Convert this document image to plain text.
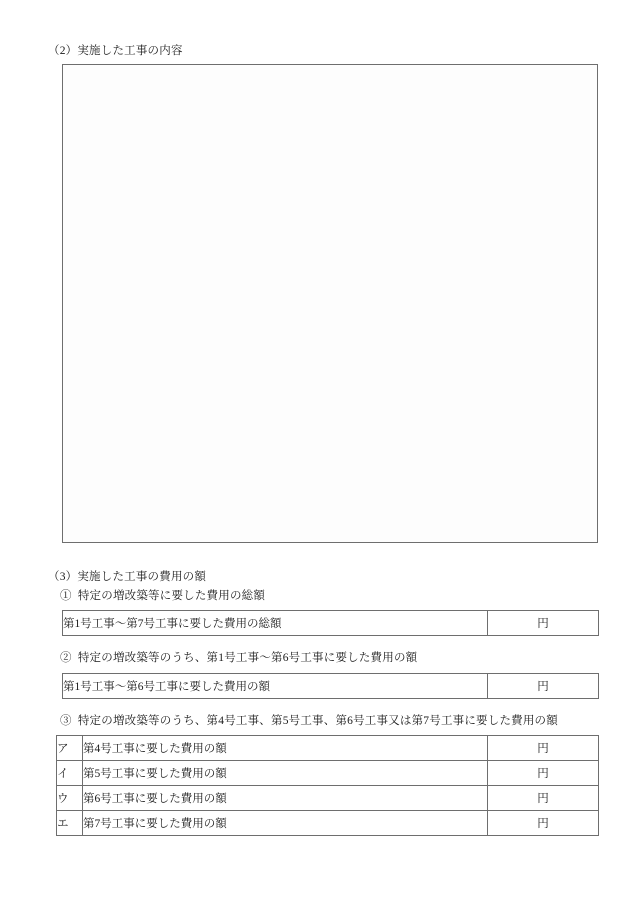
（2）実施した工事の内容
（3）実施した工事の費用の額
① 特定の増改築等に要した費用の総額
第1号工事〜第7号工事に要した費用の総額	円
② 特定の増改築等のうち、第1号工事〜第6号工事に要した費用の額
第1号工事〜第6号工事に要した費用の額	円
③ 特定の増改築等のうち、第4号工事、第5号工事、第6号工事又は第7号工事に要した費用の額
ア	第4号工事に要した費用の額	円
イ	第5号工事に要した費用の額	円
ウ	第6号工事に要した費用の額	円
エ	第7号工事に要した費用の額	円
